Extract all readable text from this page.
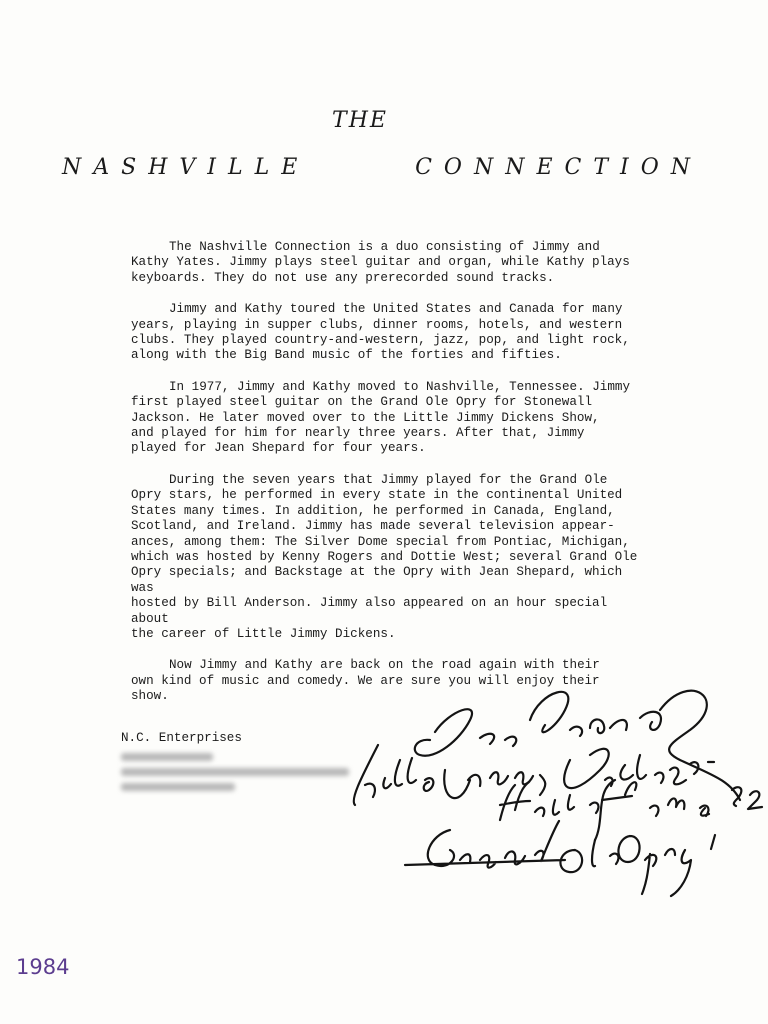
THE
NASHVILLE	CONNECTION

The Nashville Connection is a duo consisting of Jimmy and
Kathy Yates. Jimmy plays steel guitar and organ, while Kathy plays
keyboards. They do not use any prerecorded sound tracks.

Jimmy and Kathy toured the United States and Canada for many
years, playing in supper clubs, dinner rooms, hotels, and western
clubs. They played country-and-western, jazz, pop, and light rock,
along with the Big Band music of the forties and fifties.

In 1977, Jimmy and Kathy moved to Nashville, Tennessee. Jimmy
first played steel guitar on the Grand Ole Opry for Stonewall
Jackson. He later moved over to the Little Jimmy Dickens Show,
and played for him for nearly three years. After that, Jimmy
played for Jean Shepard for four years.

During the seven years that Jimmy played for the Grand Ole
Opry stars, he performed in every state in the continental United
States many times. In addition, he performed in Canada, England,
Scotland, and Ireland. Jimmy has made several television appear-
ances, among them: The Silver Dome special from Pontiac, Michigan,
which was hosted by Kenny Rogers and Dottie West; several Grand Ole
Opry specials; and Backstage at the Opry with Jean Shepard, which was
hosted by Bill Anderson. Jimmy also appeared on an hour special about
the career of Little Jimmy Dickens.

Now Jimmy and Kathy are back on the road again with their
own kind of music and comedy. We are sure you will enjoy their
show.

N.C. Enterprises
1984
